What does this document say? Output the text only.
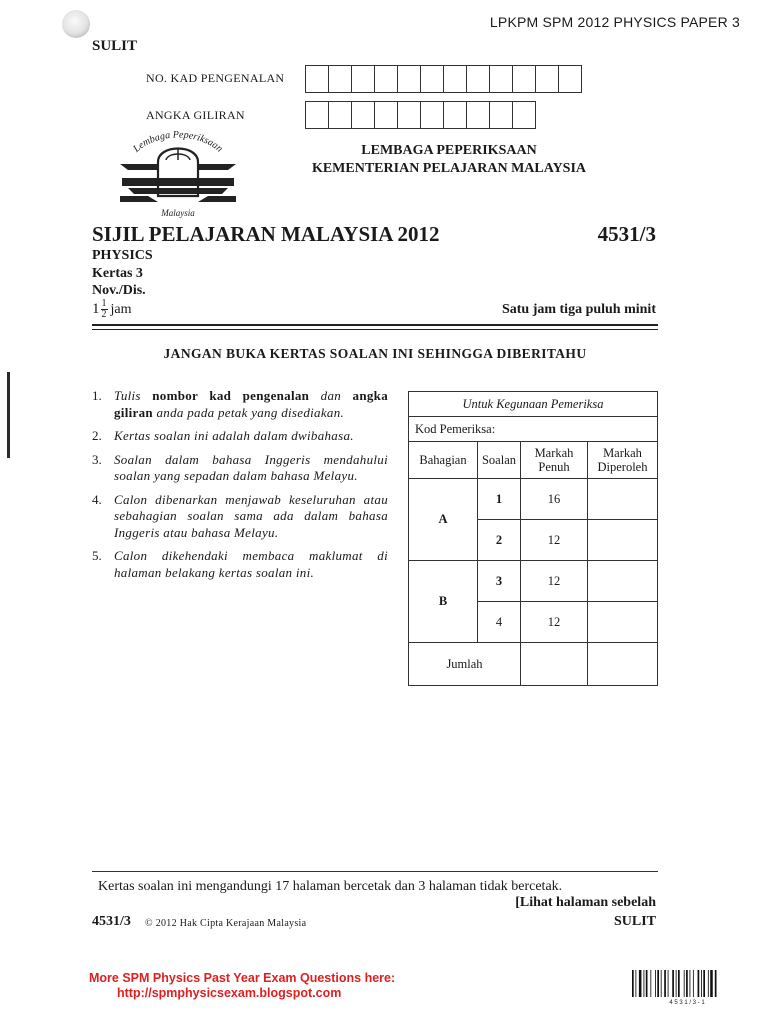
LPKPM SPM 2012 PHYSICS PAPER 3
SULIT
NO. KAD PENGENALAN
ANGKA GILIRAN
Lembaga Peperiksaan
Malaysia
LEMBAGA PEPERIKSAAN
KEMENTERIAN PELAJARAN MALAYSIA
SIJIL PELAJARAN MALAYSIA 2012	4531/3
PHYSICS
Kertas 3
Nov./Dis.
$1 \frac{1}{2}$ jam	Satu jam tiga puluh minit
JANGAN BUKA KERTAS SOALAN INI SEHINGGA DIBERITAHU
1. Tulis nombor kad pengenalan dan angka giliran anda pada petak yang disediakan.
2. Kertas soalan ini adalah dalam dwibahasa.
3. Soalan dalam bahasa Inggeris mendahului soalan yang sepadan dalam bahasa Melayu.
4. Calon dibenarkan menjawab keseluruhan atau sebahagian soalan sama ada dalam bahasa Inggeris atau bahasa Melayu.
5. Calon dikehendaki membaca maklumat di halaman belakang kertas soalan ini.
Untuk Kegunaan Pemeriksa			
Kod Pemeriksa:			
Bahagian	Soalan	Markah Penuh	Markah Diperoleh
A	1	16	
	2	12	
B	3	12	
	4	12	
Jumlah			
Kertas soalan ini mengandungi 17 halaman bercetak dan 3 halaman tidak bercetak.
[Lihat halaman sebelah
4531/3 © 2012 Hak Cipta Kerajaan Malaysia	SULIT
More SPM Physics Past Year Exam Questions here:
http://spmphysicsexam.blogspot.com
4 5 3 1 / 3 - 1
